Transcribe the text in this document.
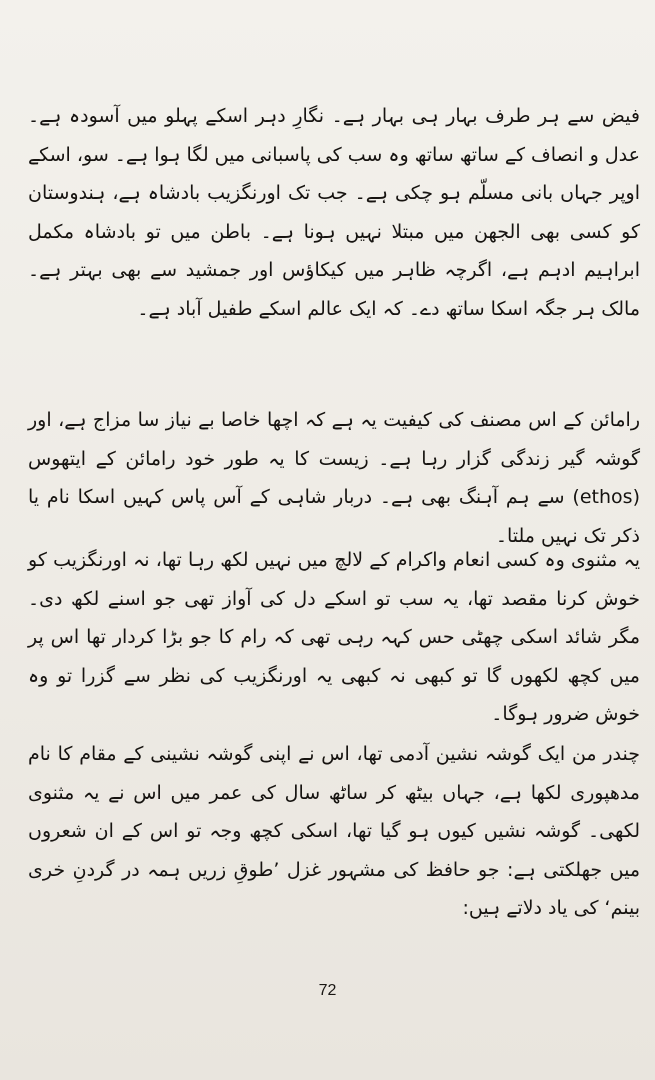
فیض سے ہر طرف بہار ہی بہار ہے۔ نگارِ دہر اسکے پہلو میں آسودہ ہے۔ عدل و انصاف کے ساتھ ساتھ وہ سب کی پاسبانی میں لگا ہوا ہے۔ سو، اسکے اوپر جہاں بانی مسلّم ہو چکی ہے۔ جب تک اورنگزیب بادشاہ ہے، ہندوستان کو کسی بھی الجھن میں مبتلا نہیں ہونا ہے۔ باطن میں تو بادشاہ مکمل ابراہیم ادہم ہے، اگرچہ ظاہر میں کیکاؤس اور جمشید سے بھی بہتر ہے۔ مالک ہر جگہ اسکا ساتھ دے۔ کہ ایک عالم اسکے طفیل آباد ہے۔

رامائن کے اس مصنف کی کیفیت یہ ہے کہ اچھا خاصا بے نیاز سا مزاج ہے، اور گوشہ گیر زندگی گزار رہا ہے۔ زیست کا یہ طور خود رامائن کے ایتھوس (ethos) سے ہم آہنگ بھی ہے۔ دربار شاہی کے آس پاس کہیں اسکا نام یا ذکر تک نہیں ملتا۔

یہ مثنوی وہ کسی انعام واکرام کے لالچ میں نہیں لکھ رہا تھا، نہ اورنگزیب کو خوش کرنا مقصد تھا، یہ سب تو اسکے دل کی آواز تھی جو اسنے لکھ دی۔ مگر شائد اسکی چھٹی حس کہہ رہی تھی کہ رام کا جو بڑا کردار تھا اس پر میں کچھ لکھوں گا تو کبھی نہ کبھی یہ اورنگزیب کی نظر سے گزرا تو وہ خوش ضرور ہوگا۔

چندر من ایک گوشہ نشین آدمی تھا، اس نے اپنی گوشہ نشینی کے مقام کا نام مدھپوری لکھا ہے، جہاں بیٹھ کر ساٹھ سال کی عمر میں اس نے یہ مثنوی لکھی۔ گوشہ نشیں کیوں ہو گیا تھا، اسکی کچھ وجہ تو اس کے ان شعروں میں جھلکتی ہے: جو حافظ کی مشہور غزل ’طوقِ زریں ہمہ در گردنِ خری بینم‘ کی یاد دلاتے ہیں:

72
